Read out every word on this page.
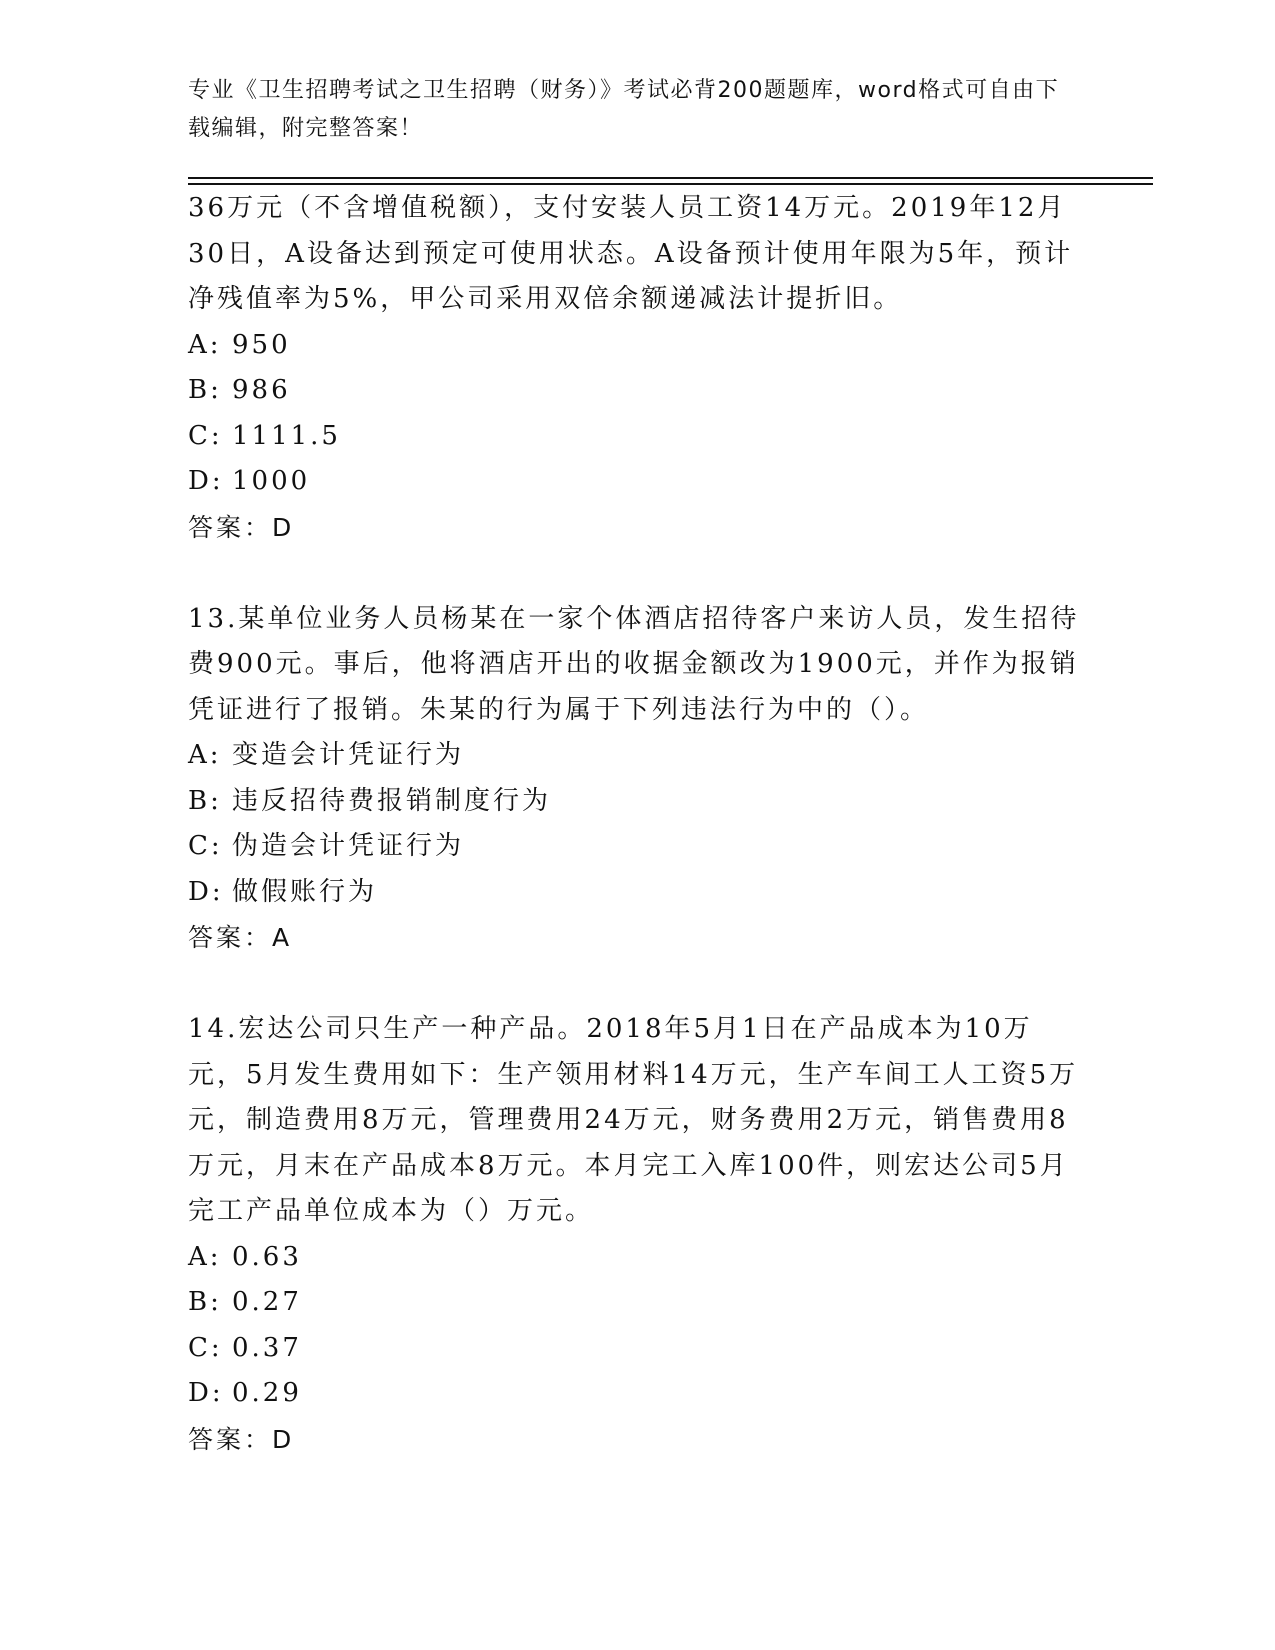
专业《卫生招聘考试之卫生招聘（财务）》考试必背200题题库，word格式可自由下载编辑，附完整答案！

36万元（不含增值税额），支付安装人员工资14万元。2019年12月30日，A设备达到预定可使用状态。A设备预计使用年限为5年，预计净残值率为5%，甲公司采用双倍余额递减法计提折旧。

A: 950
B: 986
C: 1111.5
D: 1000
答案：D

13.某单位业务人员杨某在一家个体酒店招待客户来访人员，发生招待费900元。事后，他将酒店开出的收据金额改为1900元，并作为报销凭证进行了报销。朱某的行为属于下列违法行为中的（）。

A: 变造会计凭证行为
B: 违反招待费报销制度行为
C: 伪造会计凭证行为
D: 做假账行为
答案：A

14.宏达公司只生产一种产品。2018年5月1日在产品成本为10万元，5月发生费用如下：生产领用材料14万元，生产车间工人工资5万元，制造费用8万元，管理费用24万元，财务费用2万元，销售费用8万元，月末在产品成本8万元。本月完工入库100件，则宏达公司5月完工产品单位成本为（）万元。

A: 0.63
B: 0.27
C: 0.37
D: 0.29
答案：D
